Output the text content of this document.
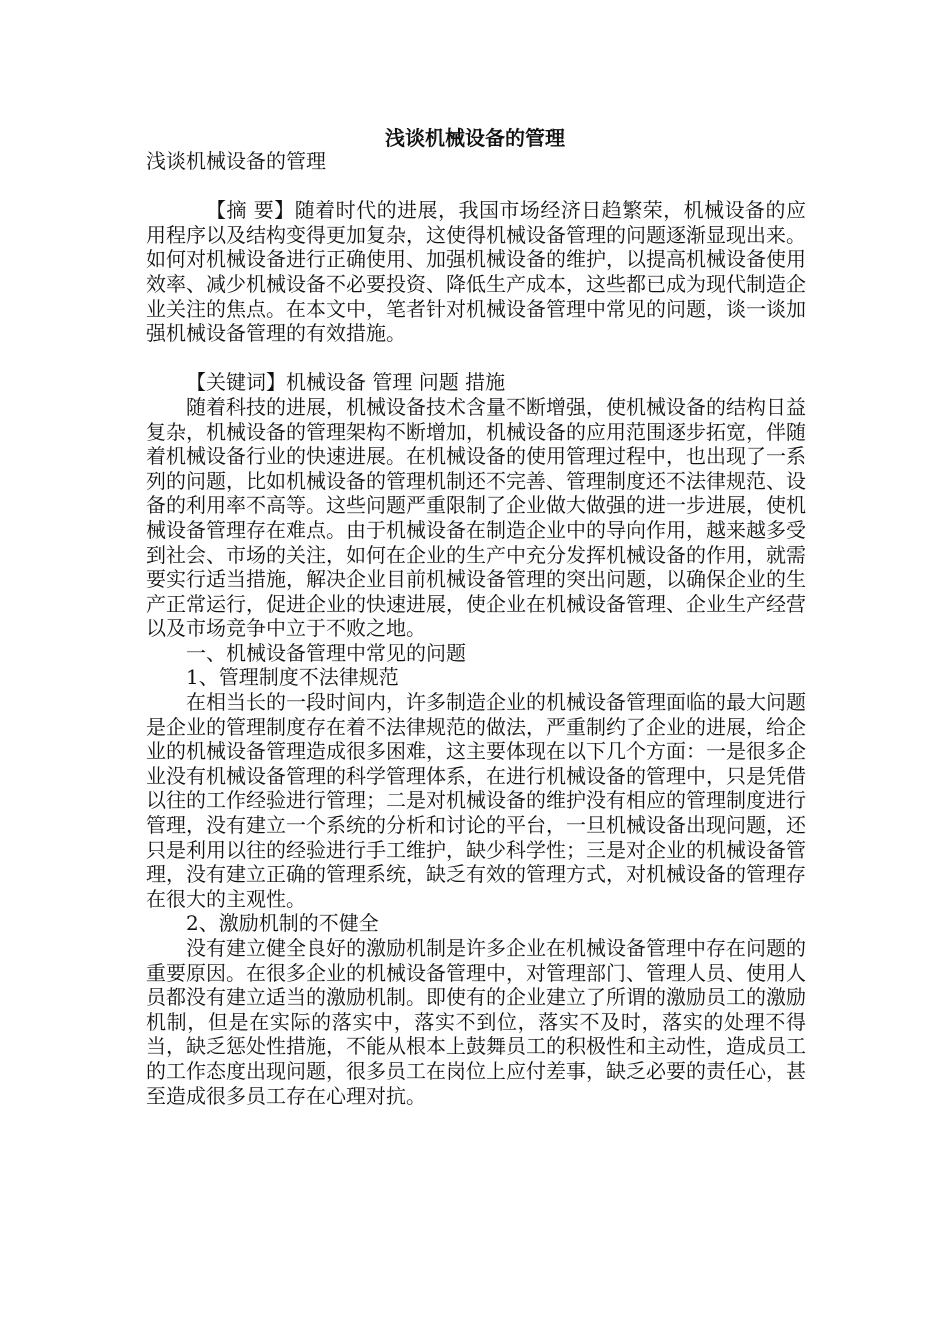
浅谈机械设备的管理

浅谈机械设备的管理

【摘 要】随着时代的进展，我国市场经济日趋繁荣，机械设备的应用程序以及结构变得更加复杂，这使得机械设备管理的问题逐渐显现出来。如何对机械设备进行正确使用、加强机械设备的维护，以提高机械设备使用效率、减少机械设备不必要投资、降低生产成本，这些都已成为现代制造企业关注的焦点。在本文中，笔者针对机械设备管理中常见的问题，谈一谈加强机械设备管理的有效措施。

【关键词】机械设备 管理 问题 措施

随着科技的进展，机械设备技术含量不断增强，使机械设备的结构日益复杂，机械设备的管理架构不断增加，机械设备的应用范围逐步拓宽，伴随着机械设备行业的快速进展。在机械设备的使用管理过程中，也出现了一系列的问题，比如机械设备的管理机制还不完善、管理制度还不法律规范、设备的利用率不高等。这些问题严重限制了企业做大做强的进一步进展，使机械设备管理存在难点。由于机械设备在制造企业中的导向作用，越来越多受到社会、市场的关注，如何在企业的生产中充分发挥机械设备的作用，就需要实行适当措施，解决企业目前机械设备管理的突出问题，以确保企业的生产正常运行，促进企业的快速进展，使企业在机械设备管理、企业生产经营以及市场竞争中立于不败之地。

一、机械设备管理中常见的问题

1、管理制度不法律规范

在相当长的一段时间内，许多制造企业的机械设备管理面临的最大问题是企业的管理制度存在着不法律规范的做法，严重制约了企业的进展，给企业的机械设备管理造成很多困难，这主要体现在以下几个方面：一是很多企业没有机械设备管理的科学管理体系，在进行机械设备的管理中，只是凭借以往的工作经验进行管理；二是对机械设备的维护没有相应的管理制度进行管理，没有建立一个系统的分析和讨论的平台，一旦机械设备出现问题，还只是利用以往的经验进行手工维护，缺少科学性；三是对企业的机械设备管理，没有建立正确的管理系统，缺乏有效的管理方式，对机械设备的管理存在很大的主观性。

2、激励机制的不健全

没有建立健全良好的激励机制是许多企业在机械设备管理中存在问题的重要原因。在很多企业的机械设备管理中，对管理部门、管理人员、使用人员都没有建立适当的激励机制。即使有的企业建立了所谓的激励员工的激励机制，但是在实际的落实中，落实不到位，落实不及时，落实的处理不得当，缺乏惩处性措施，不能从根本上鼓舞员工的积极性和主动性，造成员工的工作态度出现问题，很多员工在岗位上应付差事，缺乏必要的责任心，甚至造成很多员工存在心理对抗。
